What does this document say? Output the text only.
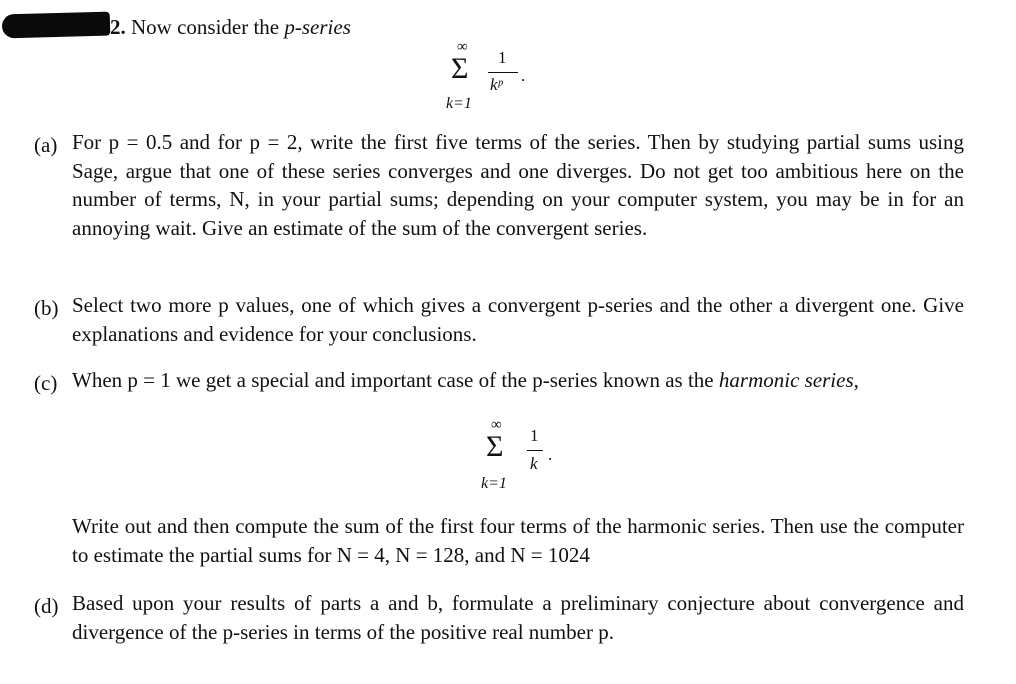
2. Now consider the p-series
∞
Σ
k=1
1
kᵖ .
(a) For p = 0.5 and for p = 2, write the first five terms of the series. Then by studying partial sums using Sage, argue that one of these series converges and one diverges. Do not get too ambitious here on the number of terms, N, in your partial sums; depending on your computer system, you may be in for an annoying wait. Give an estimate of the sum of the convergent series.
(b) Select two more p values, one of which gives a convergent p-series and the other a divergent one. Give explanations and evidence for your conclusions.
(c) When p = 1 we get a special and important case of the p-series known as the harmonic series,
∞
Σ
k=1
1
k .
Write out and then compute the sum of the first four terms of the harmonic series. Then use the computer to estimate the partial sums for N = 4, N = 128, and N = 1024
(d) Based upon your results of parts a and b, formulate a preliminary conjecture about convergence and divergence of the p-series in terms of the positive real number p.
